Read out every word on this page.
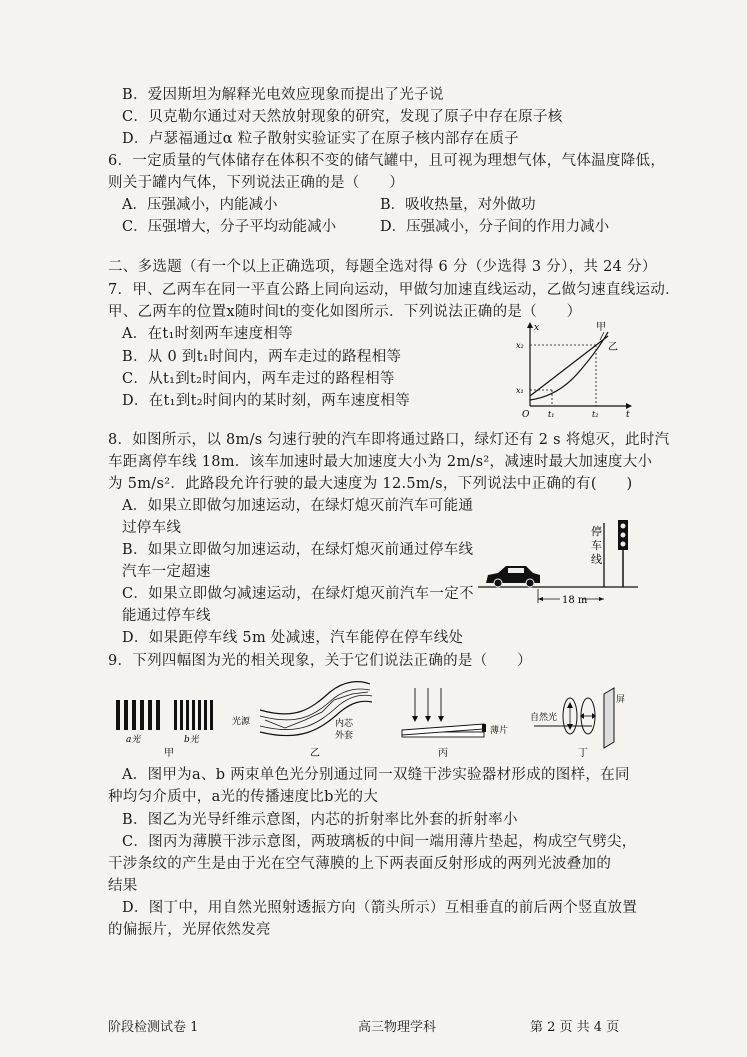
B．爱因斯坦为解释光电效应现象而提出了光子说
C．贝克勒尔通过对天然放射现象的研究，发现了原子中存在原子核
D．卢瑟福通过α 粒子散射实验证实了在原子核内部存在质子
6．一定质量的气体储存在体积不变的储气罐中，且可视为理想气体，气体温度降低，
则关于罐内气体，下列说法正确的是（　　）
A．压强减小，内能减小	B．吸收热量，对外做功
C．压强增大，分子平均动能减小	D．压强减小，分子间的作用力减小
二、多选题（有一个以上正确选项，每题全选对得 6 分（少选得 3 分），共 24 分）
7．甲、乙两车在同一平直公路上同向运动，甲做匀加速直线运动，乙做匀速直线运动．
甲、乙两车的位置x随时间t的变化如图所示．下列说法正确的是（　　）
A．在t₁时刻两车速度相等
B．从 0 到t₁时间内，两车走过的路程相等
C．从t₁到t₂时间内，两车走过的路程相等
D．在t₁到t₂时间内的某时刻，两车速度相等
x	甲
乙
x₂
x₁
O t₁	t₂	t
8．如图所示，以 8m/s 匀速行驶的汽车即将通过路口，绿灯还有 2 s 将熄灭，此时汽
车距离停车线 18m．该车加速时最大加速度大小为 2m/s²，减速时最大加速度大小
为 5m/s²．此路段允许行驶的最大速度为 12.5m/s，下列说法中正确的有(　　)
A．如果立即做匀加速运动，在绿灯熄灭前汽车可能通
过停车线
B．如果立即做匀加速运动，在绿灯熄灭前通过停车线
汽车一定超速
C．如果立即做匀减速运动，在绿灯熄灭前汽车一定不
能通过停车线
D．如果距停车线 5m 处减速，汽车能停在停车线处
停 车 线
18 m
9．下列四幅图为光的相关现象，关于它们说法正确的是（　　）
a光	b光
甲
光源	内芯
外套
乙
薄片
丙
自然光
屏
丁
A．图甲为a、b 两束单色光分别通过同一双缝干涉实验器材形成的图样，在同
种均匀介质中，a光的传播速度比b光的大
B．图乙为光导纤维示意图，内芯的折射率比外套的折射率小
C．图丙为薄膜干涉示意图，两玻璃板的中间一端用薄片垫起，构成空气劈尖，
干涉条纹的产生是由于光在空气薄膜的上下两表面反射形成的两列光波叠加的
结果
D．图丁中，用自然光照射透振方向（箭头所示）互相垂直的前后两个竖直放置
的偏振片，光屏依然发亮
阶段检测试卷 1	高三物理学科	第 2 页 共 4 页
